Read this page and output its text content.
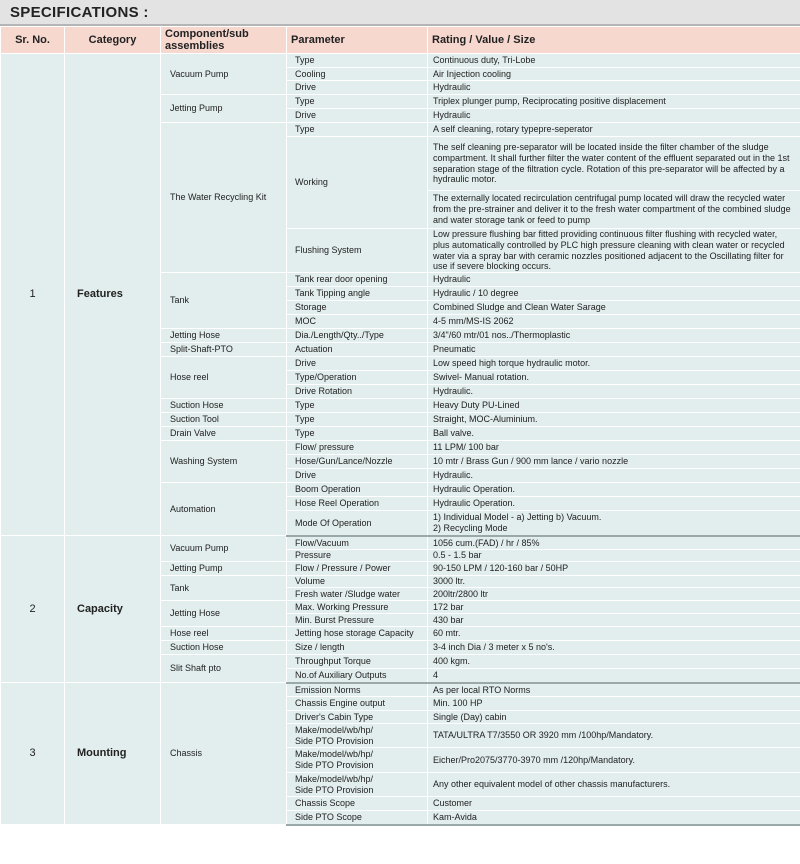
SPECIFICATIONS :
Sr. No.	Category	Component/sub assemblies	Parameter	Rating / Value / Size
1	Features	Vacuum Pump	Type	Continuous duty, Tri-Lobe
			Cooling	Air Injection cooling
			Drive	Hydraulic
		Jetting Pump	Type	Triplex plunger pump, Reciprocating positive displacement
			Drive	Hydraulic
		The Water Recycling Kit	Type	A self cleaning, rotary typepre-seperator
			Working	The self cleaning pre-separator will be located inside the filter chamber of the sludge compartment. It shall further filter the water content of the effluent separated out in the 1st separation stage of the filtration cycle. Rotation of this pre-separator will be affected by a hydraulic motor.
				The externally located recirculation centrifugal pump located will draw the recycled water from the pre-strainer and deliver it to the fresh water compartment of the combined sludge and water storage tank or feed to pump
			Flushing System	Low pressure flushing bar fitted providing continuous filter flushing with recycled water, plus automatically controlled by PLC high pressure cleaning with clean water or recycled water via a spray bar with ceramic nozzles positioned adjacent to the Oscillating filter for use if severe blocking occurs.
		Tank	Tank rear door opening	Hydraulic
			Tank Tipping angle	Hydraulic / 10 degree
			Storage	Combined Sludge and Clean Water Sarage
			MOC	4-5 mm/MS-IS 2062
		Jetting Hose	Dia./Length/Qty../Type	3/4"/60 mtr/01 nos../Thermoplastic
		Split-Shaft-PTO	Actuation	Pneumatic
		Hose reel	Drive	Low speed high torque hydraulic motor.
			Type/Operation	Swivel- Manual rotation.
			Drive Rotation	Hydraulic.
		Suction Hose	Type	Heavy Duty PU-Lined
		Suction Tool	Type	Straight, MOC-Aluminium.
		Drain Valve	Type	Ball valve.
		Washing System	Flow/ pressure	11 LPM/ 100 bar
			Hose/Gun/Lance/Nozzle	10 mtr / Brass Gun / 900 mm lance / vario nozzle
			Drive	Hydraulic.
		Automation	Boom Operation	Hydraulic Operation.
			Hose Reel Operation	Hydraulic Operation.
			Mode Of Operation	1) Individual Model - a) Jetting b) Vacuum.
2) Recycling Mode

2	Capacity	Vacuum Pump	Flow/Vacuum	1056 cum.(FAD) / hr / 85%
			Pressure	0.5 - 1.5 bar
		Jetting Pump	Flow / Pressure / Power	90-150 LPM / 120-160 bar / 50HP
		Tank	Volume	3000 ltr.
			Fresh water /Sludge water	200ltr/2800 ltr
		Jetting Hose	Max. Working Pressure	172 bar
			Min. Burst Pressure	430 bar
		Hose reel	Jetting hose storage Capacity	60 mtr.
		Suction Hose	Size / length	3-4 inch Dia / 3 meter x 5 no's.
		Slit Shaft pto	Throughput Torque	400 kgm.
			No.of Auxiliary Outputs	4
3	Mounting	Chassis	Emission Norms	As per local RTO Norms
			Chassis Engine output	Min. 100 HP
			Driver's Cabin Type	Single (Day) cabin

			Make/model/wb/hp/
Side PTO Provision	TATA/ULTRA T7/3550 OR 3920 mm /100hp/Mandatory.

			Make/model/wb/hp/
Side PTO Provision	Eicher/Pro2075/3770-3970 mm /120hp/Mandatory.

			Make/model/wb/hp/
Side PTO Provision	Any other equivalent model of other chassis manufacturers.
			Chassis Scope	Customer
			Side PTO Scope	Kam-Avida
